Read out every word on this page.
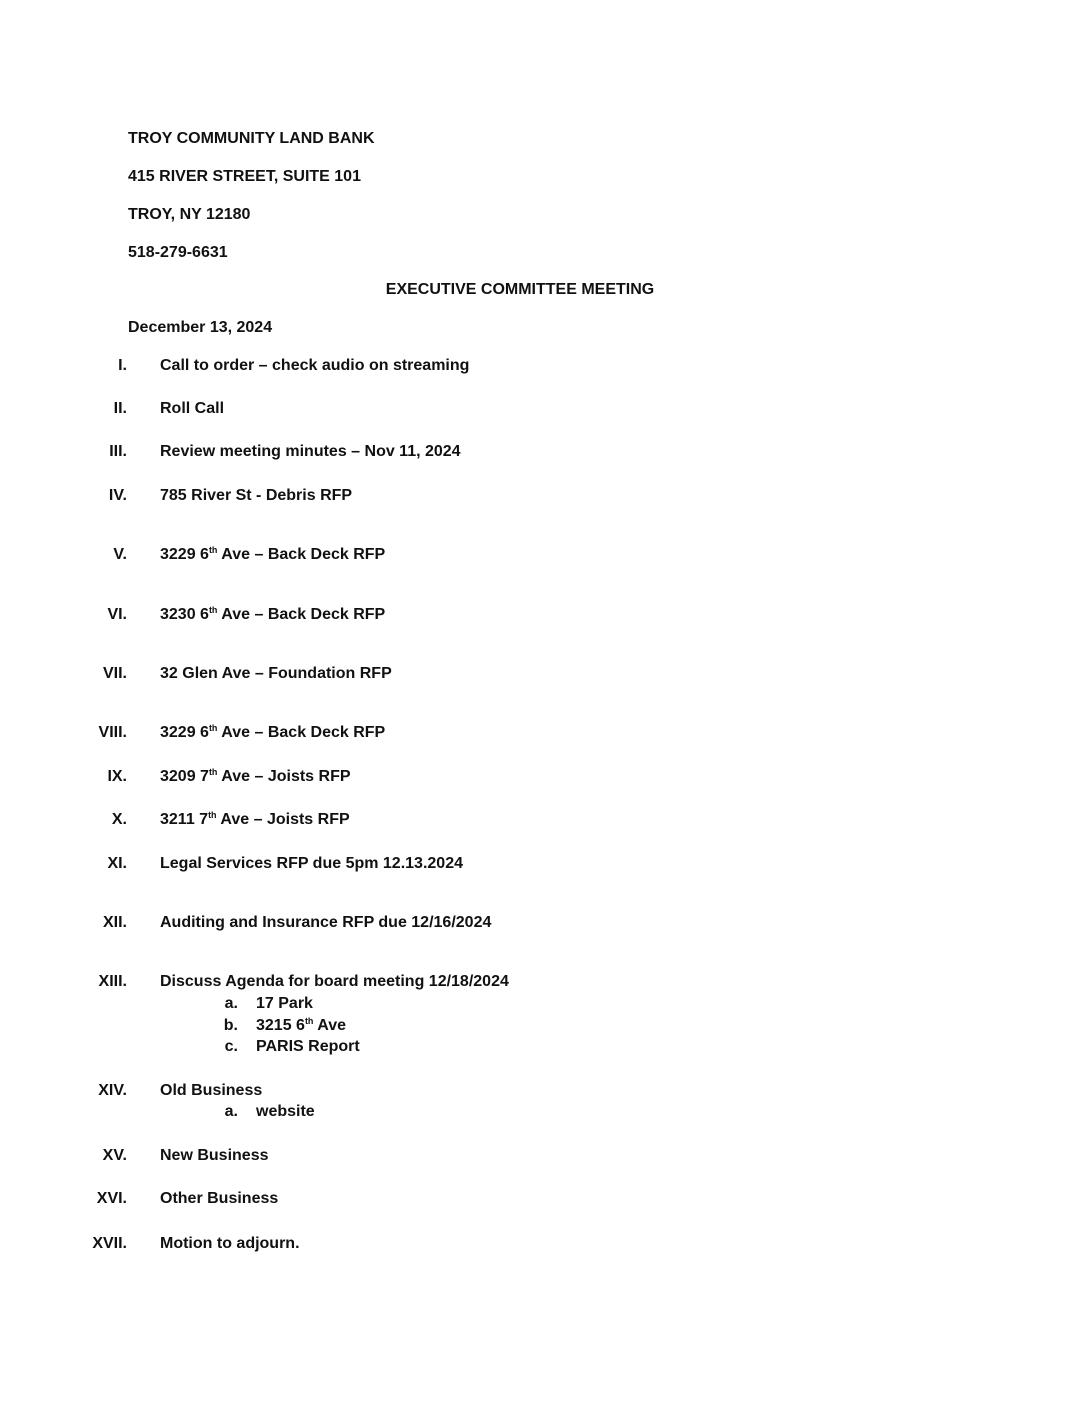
TROY COMMUNITY LAND BANK
415 RIVER STREET, SUITE 101
TROY, NY 12180
518-279-6631
EXECUTIVE COMMITTEE MEETING
December 13, 2024
I. Call to order – check audio on streaming
II. Roll Call
III. Review meeting minutes – Nov 11, 2024
IV. 785 River St - Debris RFP
V. 3229 6th Ave – Back Deck RFP
VI. 3230 6th Ave – Back Deck RFP
VII. 32 Glen Ave – Foundation RFP
VIII. 3229 6th Ave – Back Deck RFP
IX. 3209 7th Ave – Joists RFP
X. 3211 7th Ave – Joists RFP
XI. Legal Services RFP due 5pm 12.13.2024
XII. Auditing and Insurance RFP due 12/16/2024
XIII. Discuss Agenda for board meeting 12/18/2024
a. 17 Park
b. 3215 6th Ave
c. PARIS Report
XIV. Old Business
a. website
XV. New Business
XVI. Other Business
XVII. Motion to adjourn.
